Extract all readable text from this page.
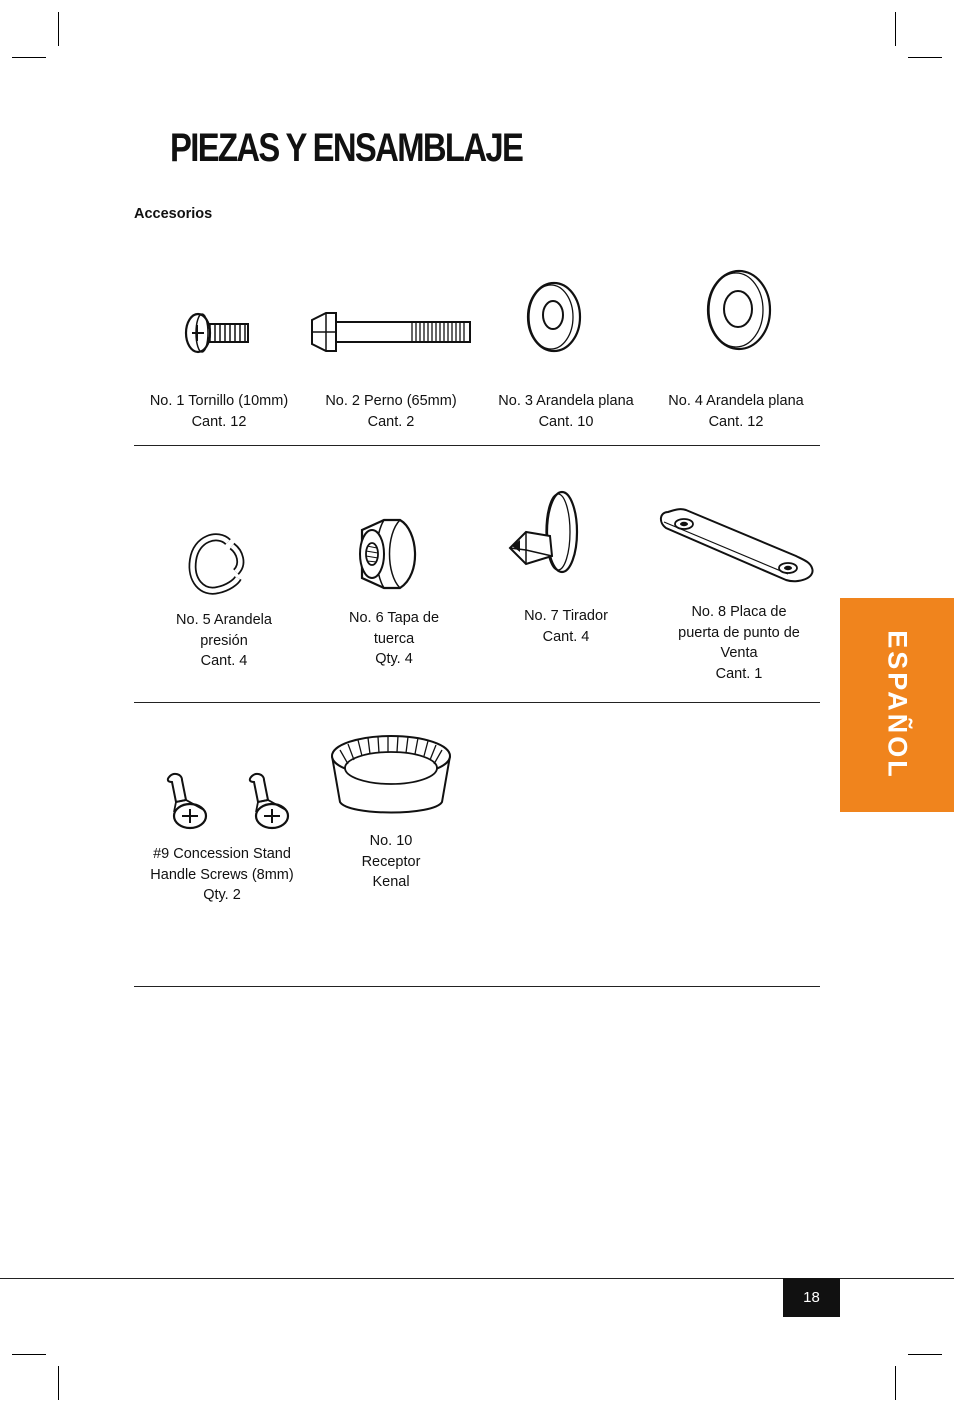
PIEZAS Y ENSAMBLAJE
Accesorios
No. 1 Tornillo (10mm)
Cant. 12
No. 2 Perno (65mm)
Cant. 2
No. 3 Arandela plana
Cant. 10
No. 4 Arandela plana
Cant. 12
No. 5 Arandela
presión
Cant. 4
No. 6 Tapa de
tuerca
Qty. 4
No. 7 Tirador
Cant. 4
No. 8 Placa de
puerta de punto de
Venta
Cant. 1
#9 Concession Stand
Handle Screws (8mm)
Qty. 2
No. 10
Receptor
Kenal
ESPAÑOL
18
